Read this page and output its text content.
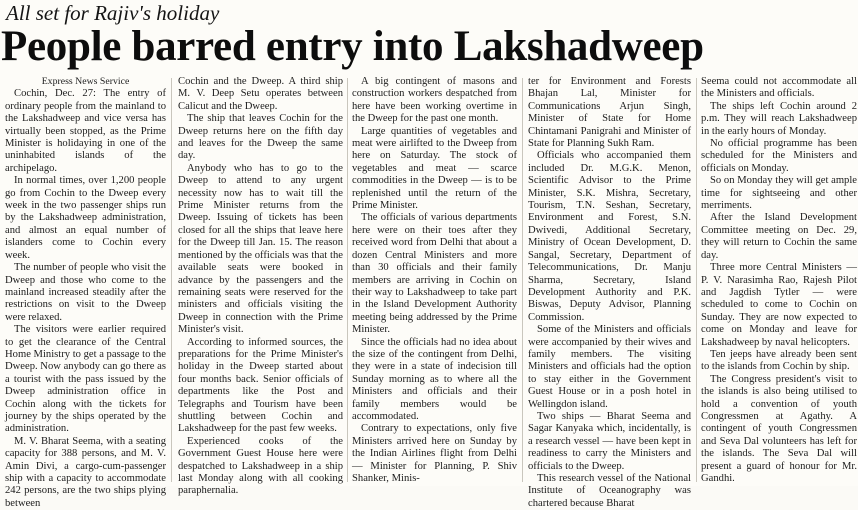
All set for Rajiv's holiday
People barred entry into Lakshadweep

Express News Service

Cochin, Dec. 27: The entry of ordinary people from the mainland to the Lakshadweep and vice versa has virtually been stopped, as the Prime Minister is holidaying in one of the uninhabited islands of the archipelago.

In normal times, over 1,200 people go from Cochin to the Dweep every week in the two passenger ships run by the Lakshadweep administration, and almost an equal number of islanders come to Cochin every week.

The number of people who visit the Dweep and those who come to the mainland increased steadily after the restrictions on visit to the Dweep were relaxed.

The visitors were earlier required to get the clearance of the Central Home Ministry to get a passage to the Dweep. Now anybody can go there as a tourist with the pass issued by the Dweep administration office in Cochin along with the tickets for journey by the ships operated by the administration.

M. V. Bharat Seema, with a seating capacity for 388 persons, and M. V. Amin Divi, a cargo-cum-passenger ship with a capacity to accommodate 242 persons, are the two ships plying between

Cochin and the Dweep. A third ship M. V. Deep Setu operates between Calicut and the Dweep.

The ship that leaves Cochin for the Dweep returns here on the fifth day and leaves for the Dweep the same day.

Anybody who has to go to the Dweep to attend to any urgent necessity now has to wait till the Prime Minister returns from the Dweep. Issuing of tickets has been closed for all the ships that leave here for the Dweep till Jan. 15. The reason mentioned by the officials was that the available seats were booked in advance by the passengers and the remaining seats were reserved for the ministers and officials visiting the Dweep in connection with the Prime Minister's visit.

According to informed sources, the preparations for the Prime Minister's holiday in the Dweep started about four months back. Senior officials of departments like the Post and Telegraphs and Tourism have been shuttling between Cochin and Lakshadweep for the past few weeks.

Experienced cooks of the Government Guest House here were despatched to Lakshadweep in a ship last Monday along with all cooking paraphernalia.

A big contingent of masons and construction workers despatched from here have been working overtime in the Dweep for the past one month.

Large quantities of vegetables and meat were airlifted to the Dweep from here on Saturday. The stock of vegetables and meat — scarce commodities in the Dweep — is to be replenished until the return of the Prime Minister.

The officials of various departments here were on their toes after they received word from Delhi that about a dozen Central Ministers and more than 30 officials and their family members are arriving in Cochin on their way to Lakshadweep to take part in the Island Development Authority meeting being addressed by the Prime Minister.

Since the officials had no idea about the size of the contingent from Delhi, they were in a state of indecision till Sunday morning as to where all the Ministers and officials and their family members would be accommodated.

Contrary to expectations, only five Ministers arrived here on Sunday by the Indian Airlines flight from Delhi — Minister for Planning, P. Shiv Shanker, Minis-

ter for Environment and Forests Bhajan Lal, Minister for Communications Arjun Singh, Minister of State for Home Chintamani Panigrahi and Minister of State for Planning Sukh Ram.

Officials who accompanied them included Dr. M.G.K. Menon, Scientific Advisor to the Prime Minister, S.K. Mishra, Secretary, Tourism, T.N. Seshan, Secretary, Environment and Forest, S.N. Dwivedi, Additional Secretary, Ministry of Ocean Development, D. Sangal, Secretary, Department of Telecommunications, Dr. Manju Sharma, Secretary, Island Development Authority and P.K. Biswas, Deputy Advisor, Planning Commission.

Some of the Ministers and officials were accompanied by their wives and family members. The visiting Ministers and officials had the option to stay either in the Government Guest House or in a posh hotel in Wellingdon island.

Two ships — Bharat Seema and Sagar Kanyaka which, incidentally, is a research vessel — have been kept in readiness to carry the Ministers and officials to the Dweep.

This research vessel of the National Institute of Oceanography was chartered because Bharat

Seema could not accommodate all the Ministers and officials.

The ships left Cochin around 2 p.m. They will reach Lakshadweep in the early hours of Monday.

No official programme has been scheduled for the Ministers and officials on Monday.

So on Monday they will get ample time for sightseeing and other merriments.

After the Island Development Committee meeting on Dec. 29, they will return to Cochin the same day.

Three more Central Ministers — P. V. Narasimha Rao, Rajesh Pilot and Jagdish Tytler — were scheduled to come to Cochin on Sunday. They are now expected to come on Monday and leave for Lakshadweep by naval helicopters.

Ten jeeps have already been sent to the islands from Cochin by ship.

The Congress president's visit to the islands is also being utilised to hold a convention of youth Congressmen at Agathy. A contingent of youth Congressmen and Seva Dal volunteers has left for the islands. The Seva Dal will present a guard of honour for Mr. Gandhi.
